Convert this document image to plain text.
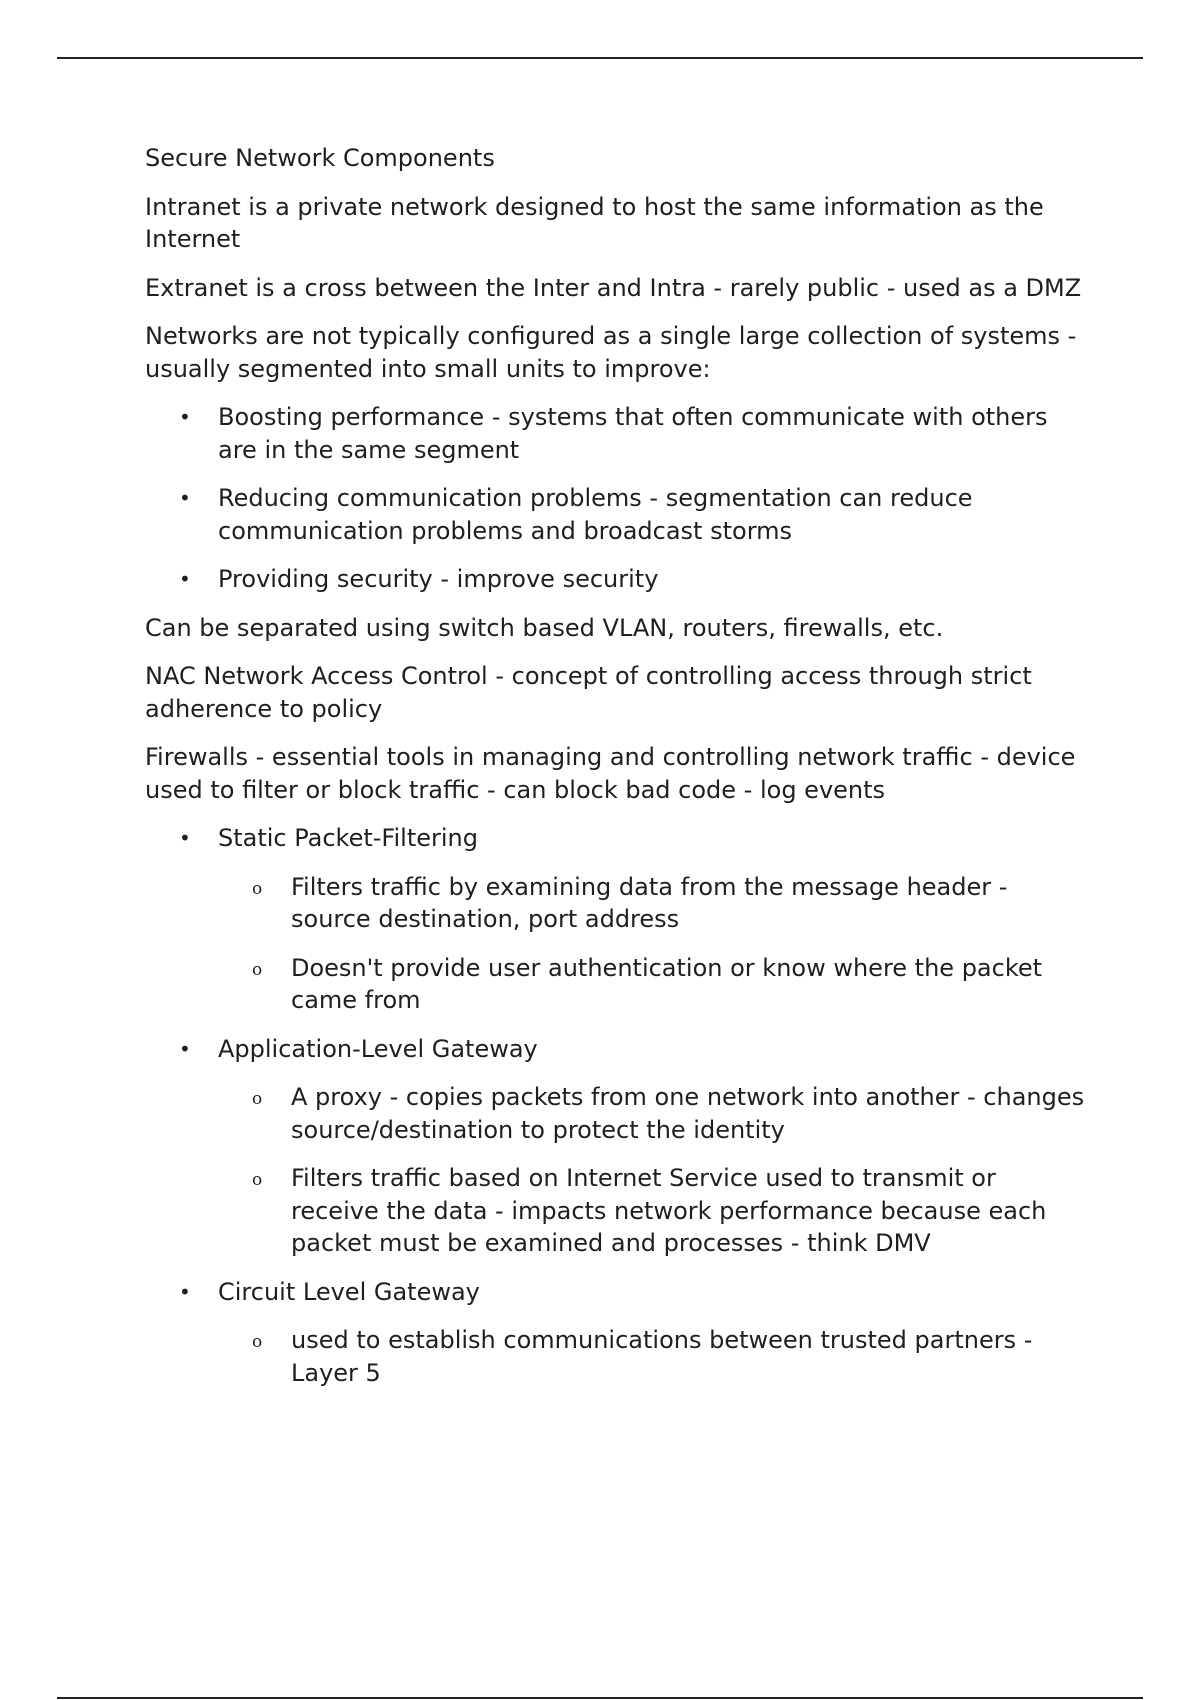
Secure Network Components

Intranet is a private network designed to host the same information as the Internet

Extranet is a cross between the Inter and Intra - rarely public - used as a DMZ

Networks are not typically configured as a single large collection of systems - usually segmented into small units to improve:

•	Boosting performance - systems that often communicate with others are in the same segment
•	Reducing communication problems - segmentation can reduce communication problems and broadcast storms
•	Providing security - improve security

Can be separated using switch based VLAN, routers, firewalls, etc.

NAC Network Access Control - concept of controlling access through strict adherence to policy

Firewalls - essential tools in managing and controlling network traffic - device used to filter or block traffic - can block bad code - log events

•	Static Packet-Filtering
o	Filters traffic by examining data from the message header - source destination, port address
o	Doesn't provide user authentication or know where the packet came from
•	Application-Level Gateway
o	A proxy - copies packets from one network into another - changes source/destination to protect the identity
o	Filters traffic based on Internet Service used to transmit or receive the data - impacts network performance because each packet must be examined and processes - think DMV
•	Circuit Level Gateway
o	used to establish communications between trusted partners - Layer 5
